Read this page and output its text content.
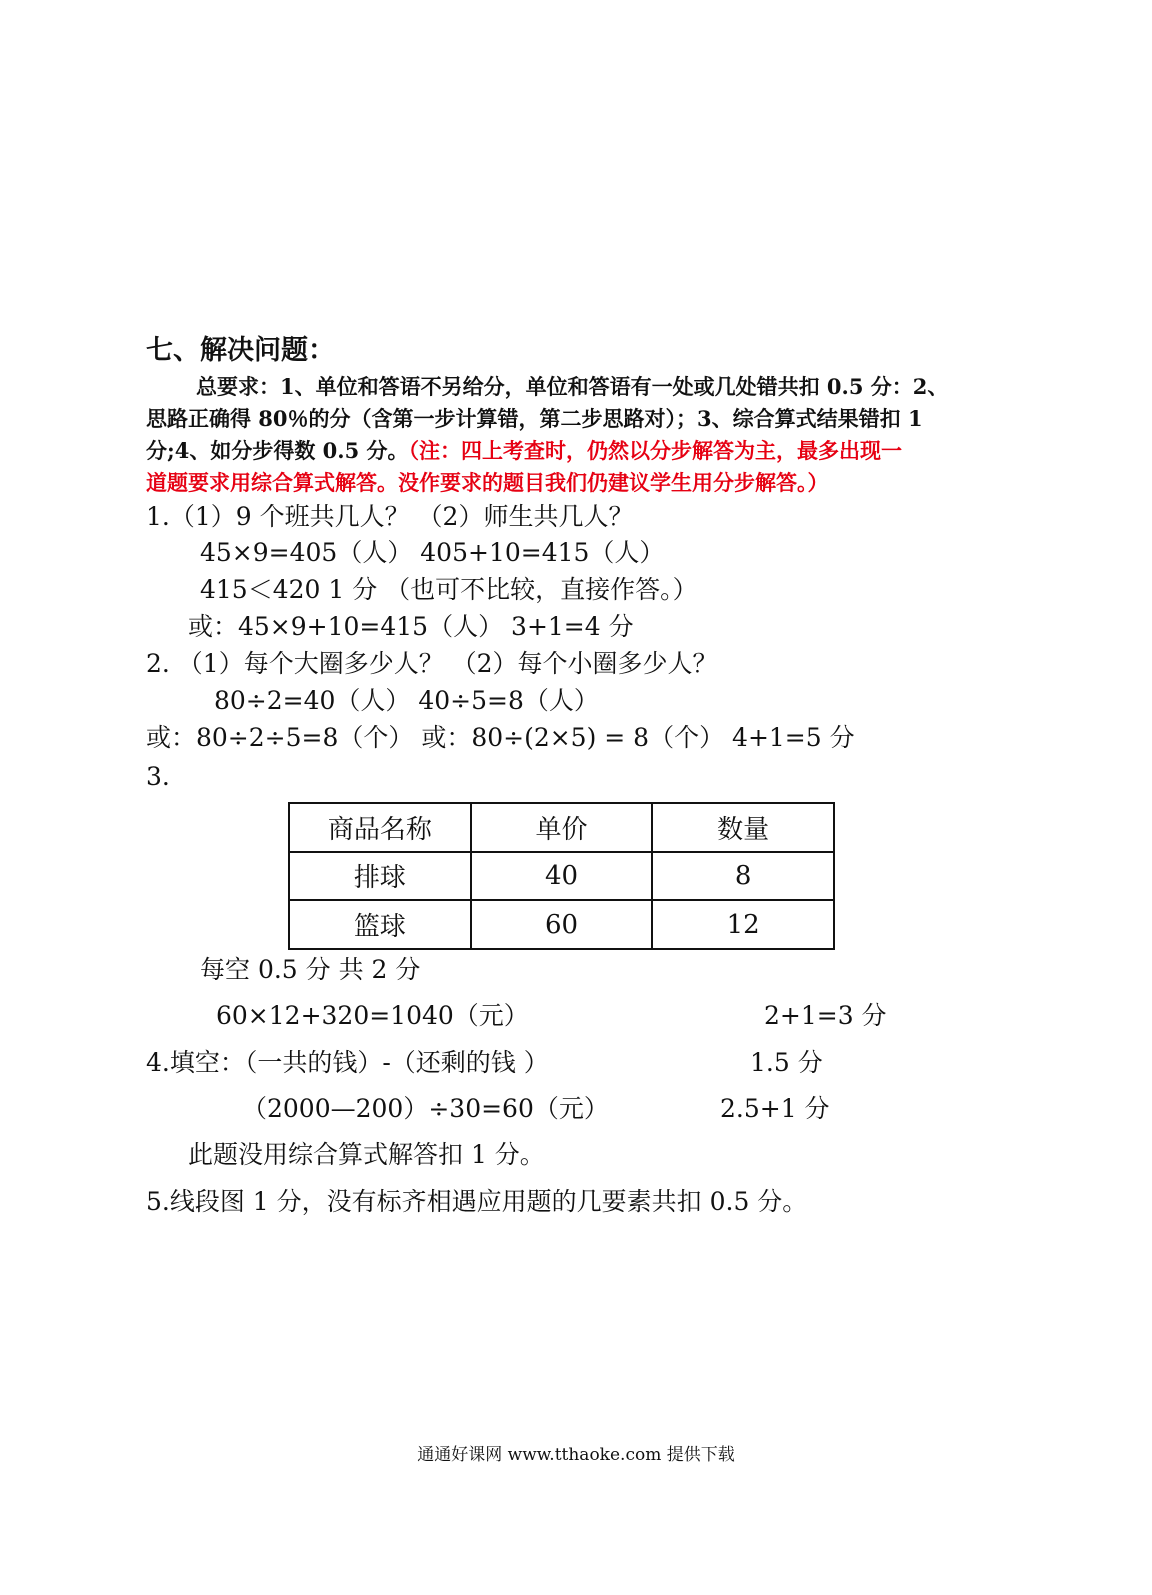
七、解决问题：
总要求：1、单位和答语不另给分，单位和答语有一处或几处错共扣 0.5 分：2、
思路正确得 80％的分（含第一步计算错，第二步思路对）；3、综合算式结果错扣 1
分;4、如分步得数 0.5 分。（注：四上考查时，仍然以分步解答为主，最多出现一
道题要求用综合算式解答。没作要求的题目我们仍建议学生用分步解答。）
1.（1）9 个班共几人？ （2）师生共几人？
45×9=405（人） 405+10=415（人）
415＜420 1 分 （也可不比较，直接作答。）
或：45×9+10=415（人） 3+1=4 分
2. （1）每个大圈多少人？ （2）每个小圈多少人？
80÷2=40（人） 40÷5=8（人）
或：80÷2÷5=8（个） 或：80÷(2×5) = 8（个） 4+1=5 分
3.
商品名称	单价	数量
排球	40	8
篮球	60	12
每空 0.5 分 共 2 分
60×12+320=1040（元）	2+1=3 分
4.填空：（一共的钱）-（还剩的钱 ）	1.5 分
（2000—200）÷30=60（元）	2.5+1 分
此题没用综合算式解答扣 1 分。
5.线段图 1 分，没有标齐相遇应用题的几要素共扣 0.5 分。
通通好课网 www.tthaoke.com 提供下载
